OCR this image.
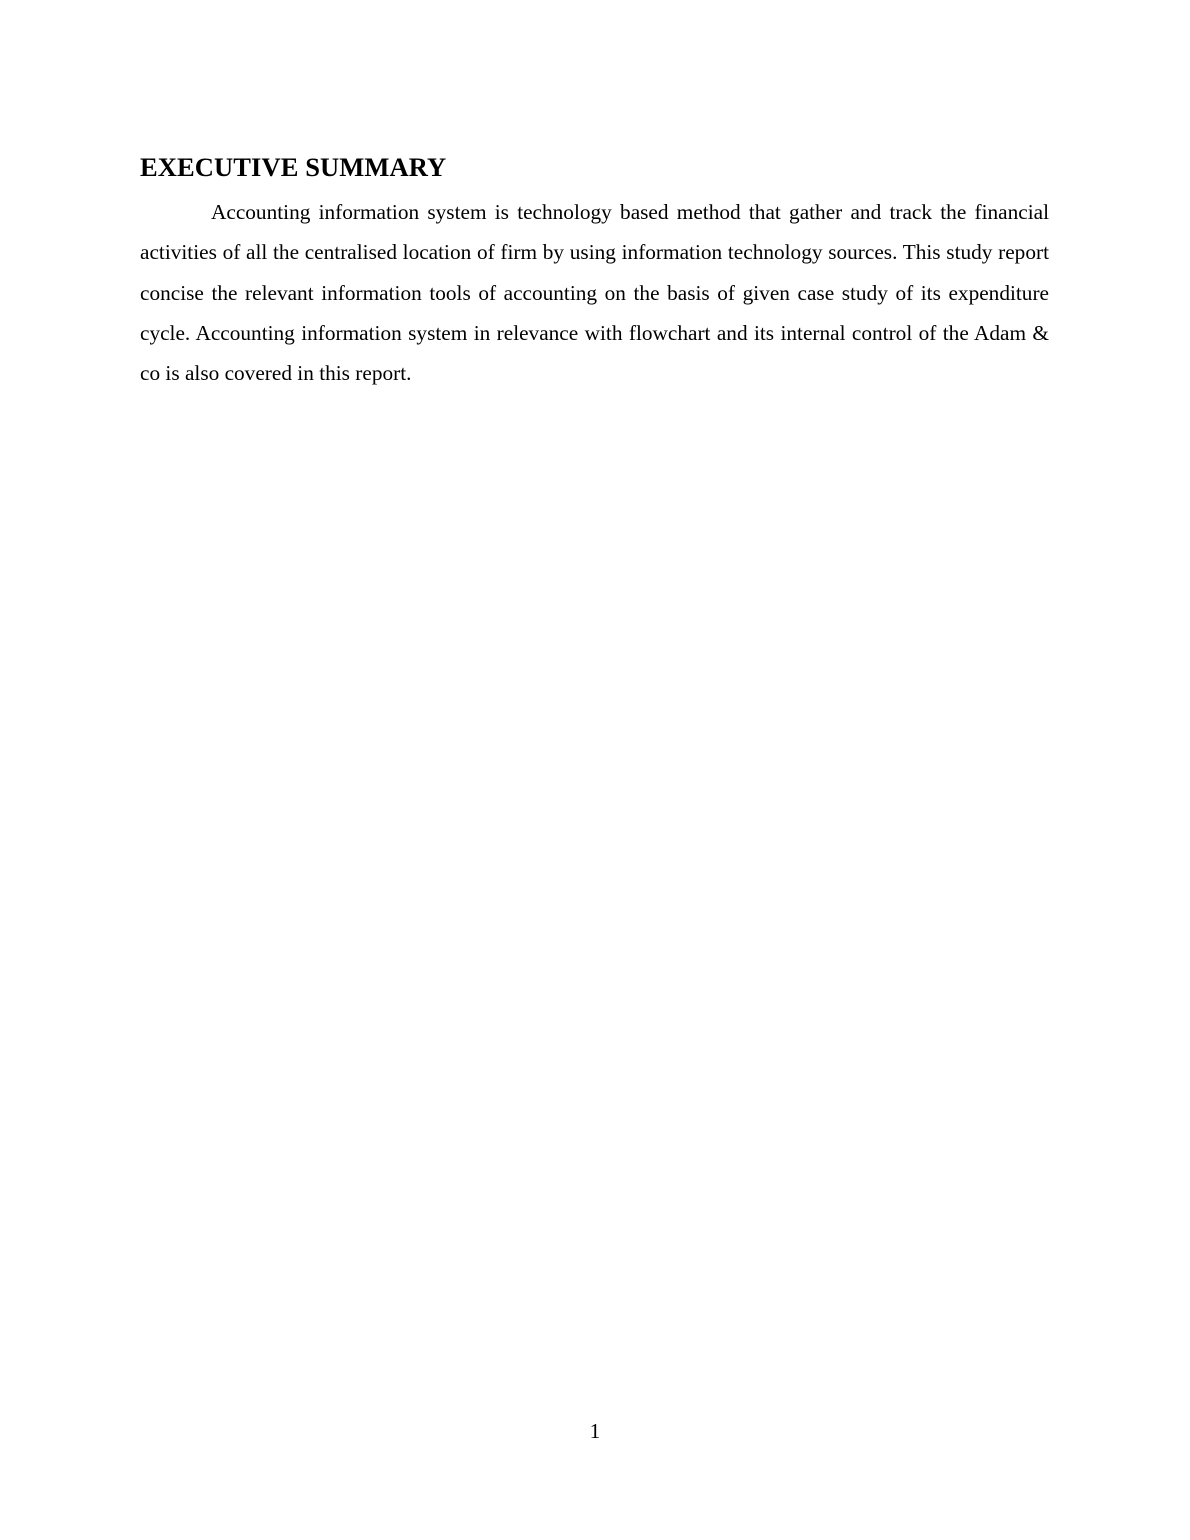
EXECUTIVE SUMMARY

Accounting information system is technology based method that gather and track the financial activities of all the centralised location of firm by using information technology sources. This study report concise the relevant information tools of accounting on the basis of given case study of its expenditure cycle. Accounting information system in relevance with flowchart and its internal control of the Adam & co is also covered in this report.

1
